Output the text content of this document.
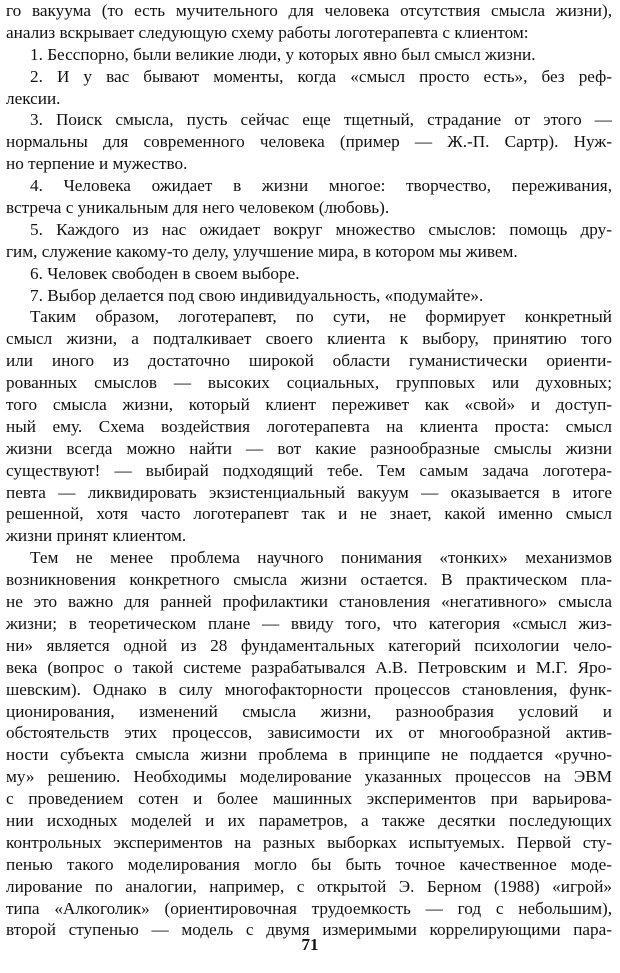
го вакуума (то есть мучительного для человека отсутствия смысла жизни),
анализ вскрывает следующую схему работы логотерапевта с клиентом:
1. Бесспорно, были великие люди, у которых явно был смысл жизни.
2. И у вас бывают моменты, когда «смысл просто есть», без реф-
лексии.
3. Поиск смысла, пусть сейчас еще тщетный, страдание от этого —
нормальны для современного человека (пример — Ж.-П. Сартр). Нуж-
но терпение и мужество.
4. Человека ожидает в жизни многое: творчество, переживания,
встреча с уникальным для него человеком (любовь).
5. Каждого из нас ожидает вокруг множество смыслов: помощь дру-
гим, служение какому-то делу, улучшение мира, в котором мы живем.
6. Человек свободен в своем выборе.
7. Выбор делается под свою индивидуальность, «подумайте».
Таким образом, логотерапевт, по сути, не формирует конкретный
смысл жизни, а подталкивает своего клиента к выбору, принятию того
или иного из достаточно широкой области гуманистически ориенти-
рованных смыслов — высоких социальных, групповых или духовных;
того смысла жизни, который клиент переживет как «свой» и доступ-
ный ему. Схема воздействия логотерапевта на клиента проста: смысл
жизни всегда можно найти — вот какие разнообразные смыслы жизни
существуют! — выбирай подходящий тебе. Тем самым задача логотера-
певта — ликвидировать экзистенциальный вакуум — оказывается в итоге
решенной, хотя часто логотерапевт так и не знает, какой именно смысл
жизни принят клиентом.
Тем не менее проблема научного понимания «тонких» механизмов
возникновения конкретного смысла жизни остается. В практическом пла-
не это важно для ранней профилактики становления «негативного» смысла
жизни; в теоретическом плане — ввиду того, что категория «смысл жиз-
ни» является одной из 28 фундаментальных категорий психологии чело-
века (вопрос о такой системе разрабатывался А.В. Петровским и М.Г. Яро-
шевским). Однако в силу многофакторности процессов становления, функ-
ционирования, изменений смысла жизни, разнообразия условий и
обстоятельств этих процессов, зависимости их от многообразной актив-
ности субъекта смысла жизни проблема в принципе не поддается «ручно-
му» решению. Необходимы моделирование указанных процессов на ЭВМ
с проведением сотен и более машинных экспериментов при варьирова-
нии исходных моделей и их параметров, а также десятки последующих
контрольных экспериментов на разных выборках испытуемых. Первой сту-
пенью такого моделирования могло бы быть точное качественное моде-
лирование по аналогии, например, с открытой Э. Берном (1988) «игрой»
типа «Алкоголик» (ориентировочная трудоемкость — год с небольшим),
второй ступенью — модель с двумя измеримыми коррелирующими пара-
71
